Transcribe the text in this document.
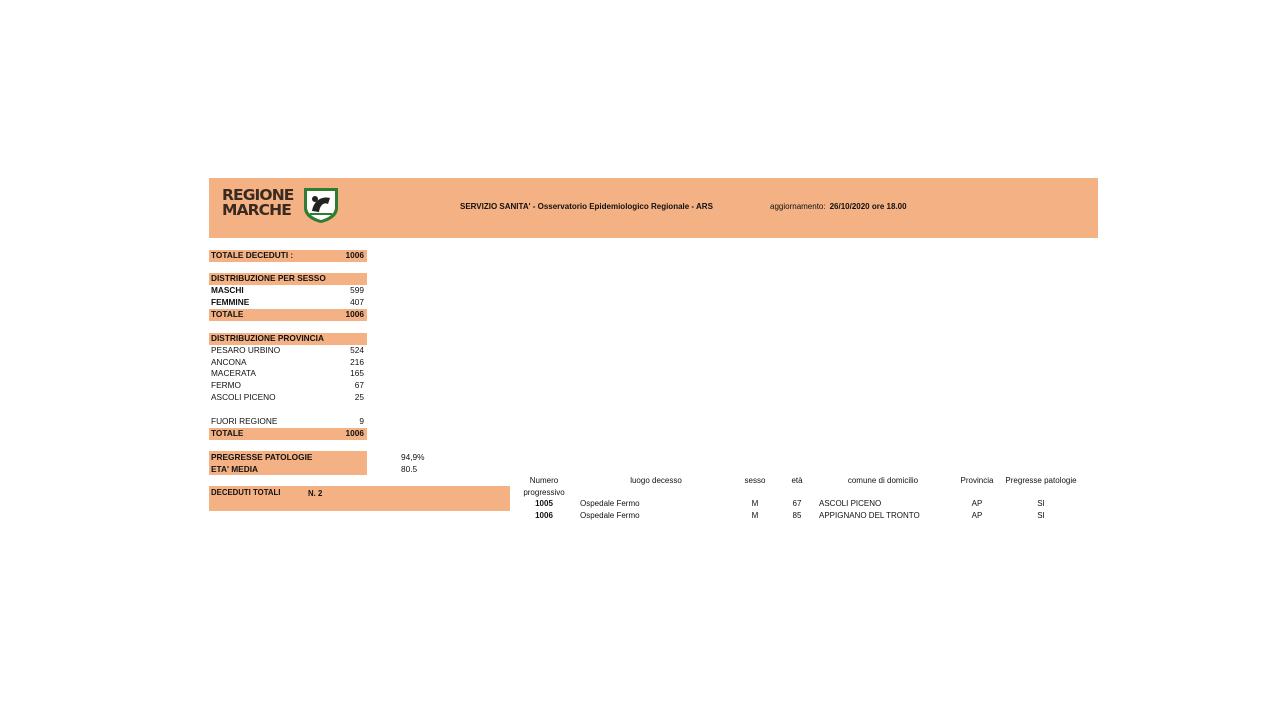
REGIONE
MARCHE	SERVIZIO SANITA' - Osservatorio Epidemiologico Regionale - ARS	aggiornamento: 26/10/2020 ore 18.00
TOTALE DECEDUTI :	1006
DISTRIBUZIONE PER SESSO
MASCHI	599
FEMMINE	407
TOTALE	1006
DISTRIBUZIONE PROVINCIA
PESARO URBINO	524
ANCONA	216
MACERATA	165
FERMO	67
ASCOLI PICENO	25
FUORI REGIONE	9
TOTALE	1006
PREGRESSE PATOLOGIE	94,9%
ETA' MEDIA	80.5
DECEDUTI TOTALI	N. 2
Numero
progressivo
luogo decesso	sesso	età	comune di domicilio	Provincia	Pregresse patologie
1005	Ospedale Fermo	M	67	ASCOLI PICENO	AP	SI
1006	Ospedale Fermo	M	85	APPIGNANO DEL TRONTO	AP	SI
